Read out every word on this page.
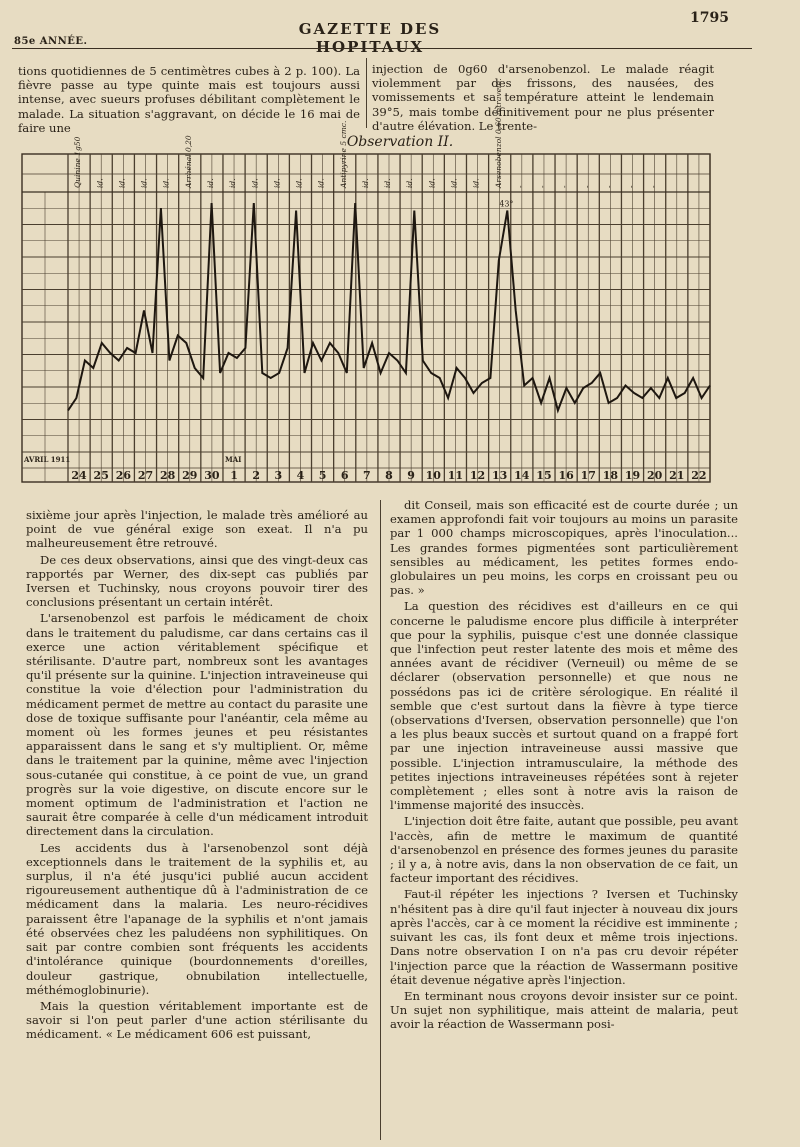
85e ANNÉE.
GAZETTE DES HOPITAUX
1795

tions quotidiennes de 5 centimètres cubes à 2 p. 100). La fièvre passe au type quinte mais est toujours aussi intense, avec sueurs profuses débilitant complètement le malade. La situation s'aggravant, on décide le 16 mai de faire une

injection de 0g60 d'arsenobenzol. Le malade réagit violemment par des frissons, des nausées, des vomissements et sa température atteint le lendemain 39°5, mais tombe définitivement pour ne plus présenter d'autre élévation. Le trente-

Observation II.
Quinine 1g50 id. id. id. id. Arrhénal 0,20 id. id. id. id. id. id. Antipyrine 5 cmc. id. id. id. id. id. id. Arsenobenzol 0,60 intravein. - - - - - - -
AVRIL 1911	MAI
24 25 26 27 28 29 30 1 2 3 4 5 6 7 8 9 10 11 12 13 14 15 16 17 18 19 20 21 22
43°

sixième jour après l'injection, le malade très amélioré au point de vue général exige son exeat. Il n'a pu malheureusement être retrouvé.

De ces deux observations, ainsi que des vingt-deux cas rapportés par Werner, des dix-sept cas publiés par Iversen et Tuchinsky, nous croyons pouvoir tirer des conclusions présentant un certain intérêt.

L'arsenobenzol est parfois le médicament de choix dans le traitement du paludisme, car dans certains cas il exerce une action véritablement spécifique et stérilisante. D'autre part, nombreux sont les avantages qu'il présente sur la quinine. L'injection intraveineuse qui constitue la voie d'élection pour l'administration du médicament permet de mettre au contact du parasite une dose de toxique suffisante pour l'anéantir, cela même au moment où les formes jeunes et peu résistantes apparaissent dans le sang et s'y multiplient. Or, même dans le traitement par la quinine, même avec l'injection sous-cutanée qui constitue, à ce point de vue, un grand progrès sur la voie digestive, on discute encore sur le moment optimum de l'administration et l'action ne saurait être comparée à celle d'un médicament introduit directement dans la circulation.

Les accidents dus à l'arsenobenzol sont déjà exceptionnels dans le traitement de la syphilis et, au surplus, il n'a été jusqu'ici publié aucun accident rigoureusement authentique dû à l'administration de ce médicament dans la malaria. Les neuro-récidives paraissent être l'apanage de la syphilis et n'ont jamais été observées chez les paludéens non syphilitiques. On sait par contre combien sont fréquents les accidents d'intolérance quinique (bourdonnements d'oreilles, douleur gastrique, obnubilation intellectuelle, méthémoglobinurie).

Mais la question véritablement importante est de savoir si l'on peut parler d'une action stérilisante du médicament. « Le médicament 606 est puissant,

dit Conseil, mais son efficacité est de courte durée ; un examen approfondi fait voir toujours au moins un parasite par 1 000 champs microscopiques, après l'inoculation... Les grandes formes pigmentées sont particulièrement sensibles au médicament, les petites formes endo-globulaires un peu moins, les corps en croissant peu ou pas. »

La question des récidives est d'ailleurs en ce qui concerne le paludisme encore plus difficile à interpréter que pour la syphilis, puisque c'est une donnée classique que l'infection peut rester latente des mois et même des années avant de récidiver (Verneuil) ou même de se déclarer (observation personnelle) et que nous ne possédons pas ici de critère sérologique. En réalité il semble que c'est surtout dans la fièvre à type tierce (observations d'Iversen, observation personnelle) que l'on a les plus beaux succès et surtout quand on a frappé fort par une injection intraveineuse aussi massive que possible. L'injection intramusculaire, la méthode des petites injections intraveineuses répétées sont à rejeter complètement ; elles sont à notre avis la raison de l'immense majorité des insuccès.

L'injection doit être faite, autant que possible, peu avant l'accès, afin de mettre le maximum de quantité d'arsenobenzol en présence des formes jeunes du parasite ; il y a, à notre avis, dans la non observation de ce fait, un facteur important des récidives.

Faut-il répéter les injections ? Iversen et Tuchinsky n'hésitent pas à dire qu'il faut injecter à nouveau dix jours après l'accès, car à ce moment la récidive est imminente ; suivant les cas, ils font deux et même trois injections. Dans notre observation I on n'a pas cru devoir répéter l'injection parce que la réaction de Wassermann positive était devenue négative après l'injection.

En terminant nous croyons devoir insister sur ce point. Un sujet non syphilitique, mais atteint de malaria, peut avoir la réaction de Wassermann posi-
